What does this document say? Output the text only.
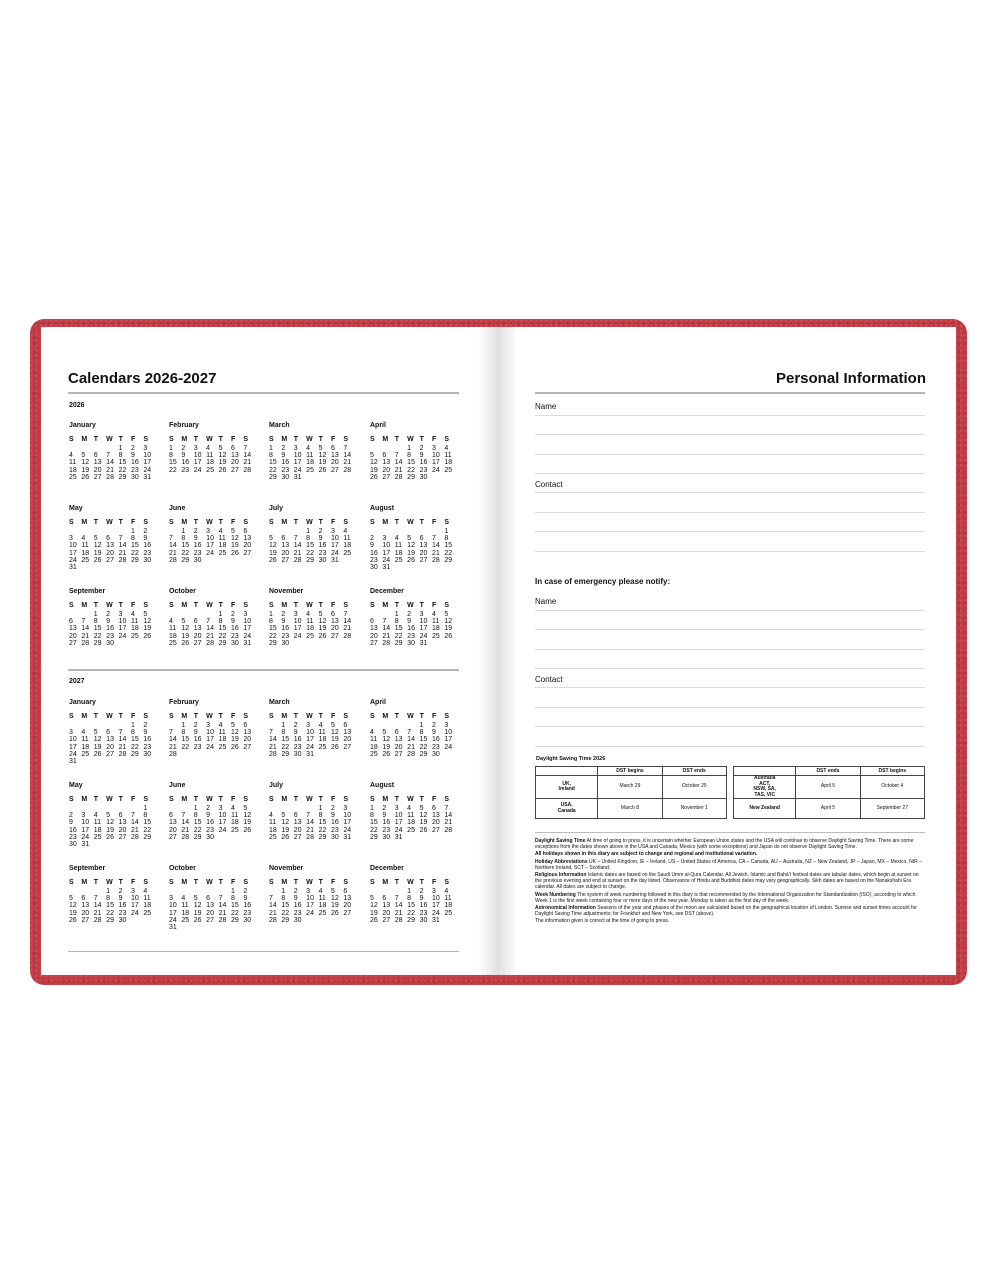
Calendars 2026-2027
2026
2027
January
S	M	T	W	T	F	S
				1	2	3
4	5	6	7	8	9	10
11	12	13	14	15	16	17
18	19	20	21	22	23	24
25	26	27	28	29	30	31
February
S	M	T	W	T	F	S
1	2	3	4	5	6	7
8	9	10	11	12	13	14
15	16	17	18	19	20	21
22	23	24	25	26	27	28
March
S	M	T	W	T	F	S
1	2	3	4	5	6	7
8	9	10	11	12	13	14
15	16	17	18	19	20	21
22	23	24	25	26	27	28
29	30	31				
April
S	M	T	W	T	F	S
			1	2	3	4
5	6	7	8	9	10	11
12	13	14	15	16	17	18
19	20	21	22	23	24	25
26	27	28	29	30		
May
S	M	T	W	T	F	S
					1	2
3	4	5	6	7	8	9
10	11	12	13	14	15	16
17	18	19	20	21	22	23
24	25	26	27	28	29	30
31						
June
S	M	T	W	T	F	S
	1	2	3	4	5	6
7	8	9	10	11	12	13
14	15	16	17	18	19	20
21	22	23	24	25	26	27
28	29	30				
July
S	M	T	W	T	F	S
			1	2	3	4
5	6	7	8	9	10	11
12	13	14	15	16	17	18
19	20	21	22	23	24	25
26	27	28	29	30	31	
August
S	M	T	W	T	F	S
						1
2	3	4	5	6	7	8
9	10	11	12	13	14	15
16	17	18	19	20	21	22
23	24	25	26	27	28	29
30	31					
September
S	M	T	W	T	F	S
		1	2	3	4	5
6	7	8	9	10	11	12
13	14	15	16	17	18	19
20	21	22	23	24	25	26
27	28	29	30			
October
S	M	T	W	T	F	S
				1	2	3
4	5	6	7	8	9	10
11	12	13	14	15	16	17
18	19	20	21	22	23	24
25	26	27	28	29	30	31
November
S	M	T	W	T	F	S
1	2	3	4	5	6	7
8	9	10	11	12	13	14
15	16	17	18	19	20	21
22	23	24	25	26	27	28
29	30					
December
S	M	T	W	T	F	S
		1	2	3	4	5
6	7	8	9	10	11	12
13	14	15	16	17	18	19
20	21	22	23	24	25	26
27	28	29	30	31		
January
S	M	T	W	T	F	S
					1	2
3	4	5	6	7	8	9
10	11	12	13	14	15	16
17	18	19	20	21	22	23
24	25	26	27	28	29	30
31						
February
S	M	T	W	T	F	S
	1	2	3	4	5	6
7	8	9	10	11	12	13
14	15	16	17	18	19	20
21	22	23	24	25	26	27
28						
March
S	M	T	W	T	F	S
	1	2	3	4	5	6
7	8	9	10	11	12	13
14	15	16	17	18	19	20
21	22	23	24	25	26	27
28	29	30	31			
April
S	M	T	W	T	F	S
				1	2	3
4	5	6	7	8	9	10
11	12	13	14	15	16	17
18	19	20	21	22	23	24
25	26	27	28	29	30	
May
S	M	T	W	T	F	S
						1
2	3	4	5	6	7	8
9	10	11	12	13	14	15
16	17	18	19	20	21	22
23	24	25	26	27	28	29
30	31					
June
S	M	T	W	T	F	S
		1	2	3	4	5
6	7	8	9	10	11	12
13	14	15	16	17	18	19
20	21	22	23	24	25	26
27	28	29	30			
July
S	M	T	W	T	F	S
				1	2	3
4	5	6	7	8	9	10
11	12	13	14	15	16	17
18	19	20	21	22	23	24
25	26	27	28	29	30	31
August
S	M	T	W	T	F	S
1	2	3	4	5	6	7
8	9	10	11	12	13	14
15	16	17	18	19	20	21
22	23	24	25	26	27	28
29	30	31				
September
S	M	T	W	T	F	S
			1	2	3	4
5	6	7	8	9	10	11
12	13	14	15	16	17	18
19	20	21	22	23	24	25
26	27	28	29	30		
October
S	M	T	W	T	F	S
					1	2
3	4	5	6	7	8	9
10	11	12	13	14	15	16
17	18	19	20	21	22	23
24	25	26	27	28	29	30
31						
November
S	M	T	W	T	F	S
	1	2	3	4	5	6
7	8	9	10	11	12	13
14	15	16	17	18	19	20
21	22	23	24	25	26	27
28	29	30				
December
S	M	T	W	T	F	S
			1	2	3	4
5	6	7	8	9	10	11
12	13	14	15	16	17	18
19	20	21	22	23	24	25
26	27	28	29	30	31	
Personal Information
Name
Contact
In case of emergency please notify:
Name
Contact
Daylight Saving Time 2026
	DST begins	DST ends
UK,
Ireland	March 29	October 25
USA,
Canada	March 8	November 1
	DST ends	DST begins
Australia
ACT,
NSW, SA,
TAS, VIC	April 5	October 4
New Zealand	April 5	September 27

Daylight Saving Time At time of going to press, it is uncertain whether European Union states and the USA will continue to observe Daylight Saving Time. There are some exceptions from the dates shown above in the USA and Canada. Mexico (with some exceptions) and Japan do not observe Daylight Saving Time.

All holidays shown in this diary are subject to change and regional and institutional variation.

Holiday Abbreviations UK – United Kingdom, IE – Ireland, US – United States of America, CA – Canada, AU – Australia, NZ – New Zealand, JP – Japan, MX – Mexico, NIR – Northern Ireland, SCT – Scotland.

Religious Information Islamic dates are based on the Saudi Umm al-Qura Calendar. All Jewish, Islamic and Bahá’í festival dates are tabular dates, which begin at sunset on the previous evening and end at sunset on the day listed. Observance of Hindu and Buddhist dates may vary geographically. Sikh dates are based on the Nanakshahi Era calendar. All dates are subject to change.

Week Numbering The system of week numbering followed in this diary is that recommended by the International Organization for Standardization (ISO), according to which Week 1 is the first week containing four or more days of the new year. Monday is taken as the first day of the week.

Astronomical Information Seasons of the year and phases of the moon are calculated based on the geographical location of London. Sunrise and sunset times account for Daylight Saving Time adjustments; for Frankfurt and New York, see DST (above).

The information given is correct at the time of going to press.
